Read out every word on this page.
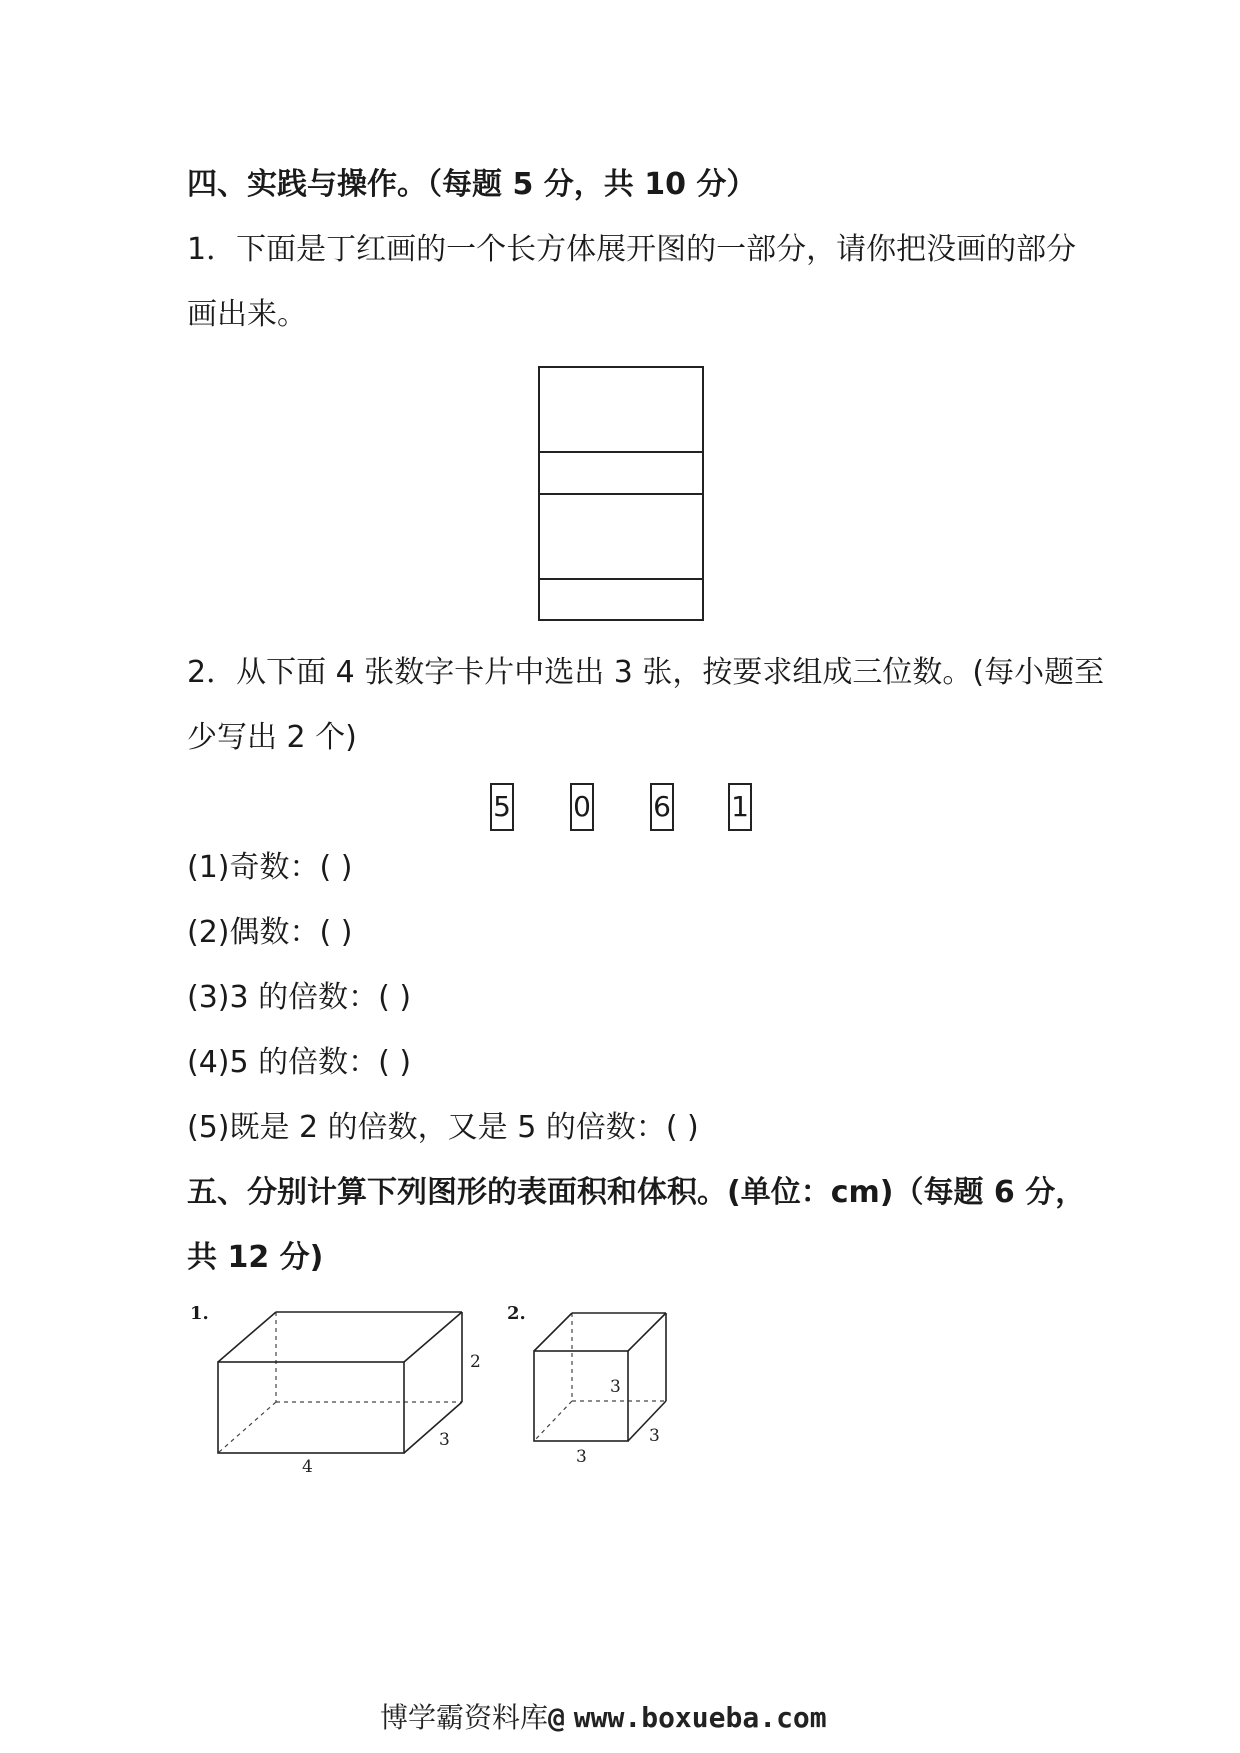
四、实践与操作。（每题 5 分，共 10 分）
1．下面是丁红画的一个长方体展开图的一部分，请你把没画的部分
画出来。
2．从下面 4 张数字卡片中选出 3 张，按要求组成三位数。(每小题至
少写出 2 个)
5 0 6 1
(1)奇数：( )
(2)偶数：( )
(3)3 的倍数：( )
(4)5 的倍数：( )
(5)既是 2 的倍数，又是 5 的倍数：( )
五、分别计算下列图形的表面积和体积。(单位：cm)（每题 6 分，
共 12 分)
1.
2
3
4
2.
3
3
3
博学霸资料库@ www.boxueba.com
